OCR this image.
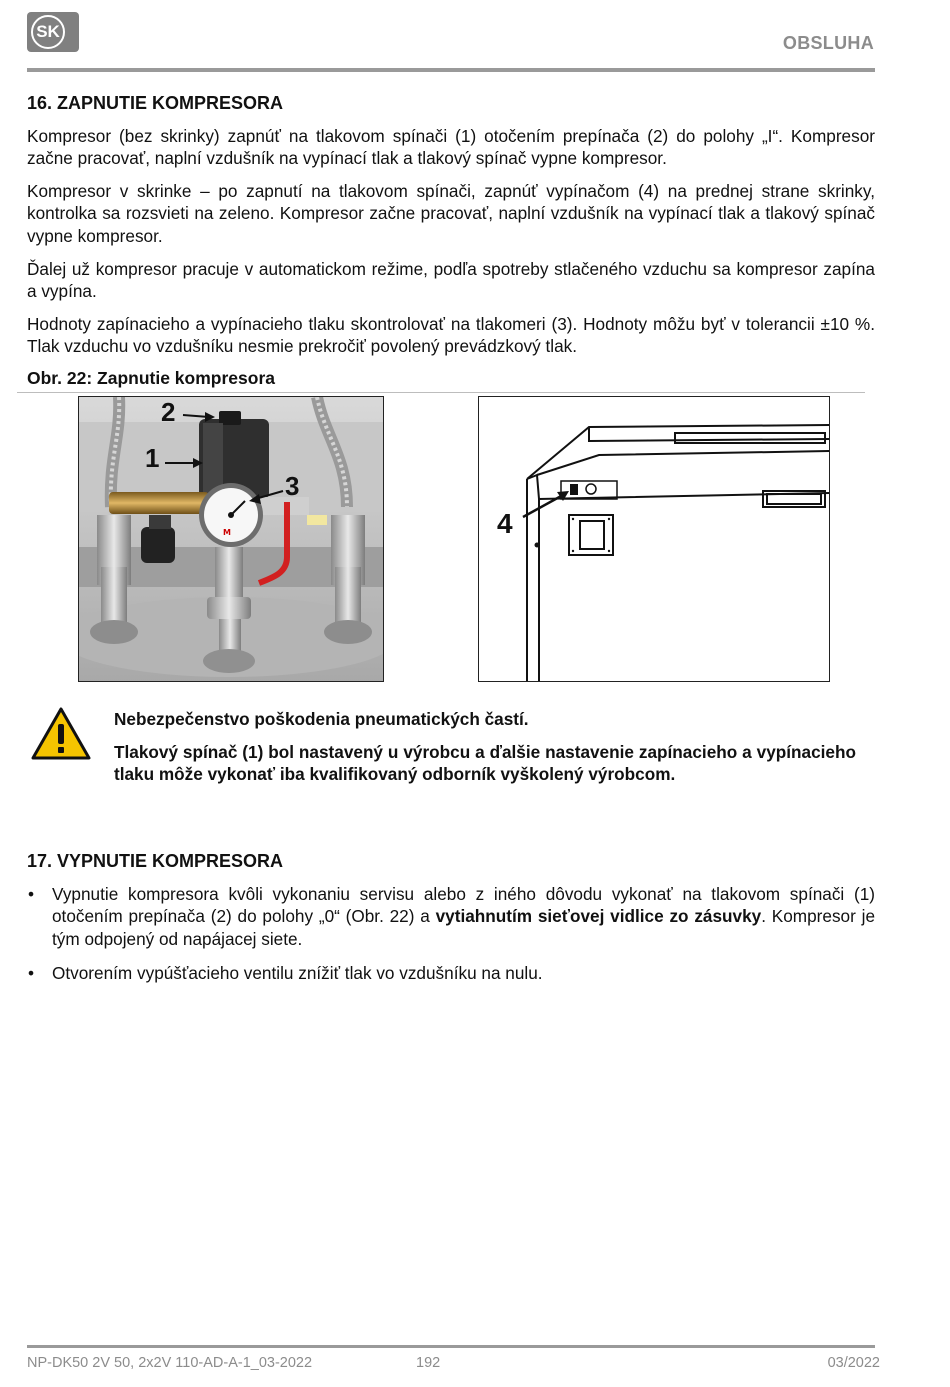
SK
OBSLUHA
16. ZAPNUTIE KOMPRESORA

Kompresor (bez skrinky) zapnúť na tlakovom spínači (1) otočením prepínača (2) do polohy „I“. Kompresor začne pracovať, naplní vzdušník na vypínací tlak a tlakový spínač vypne kompresor.

Kompresor v skrinke – po zapnutí na tlakovom spínači, zapnúť vypínačom (4) na prednej strane skrinky, kontrolka sa rozsvieti na zeleno. Kompresor začne pracovať, naplní vzdušník na vypínací tlak a tlakový spínač vypne kompresor.

Ďalej už kompresor pracuje v automatickom režime, podľa spotreby stlačeného vzduchu sa kompresor zapína a vypína.

Hodnoty zapínacieho a vypínacieho tlaku skontrolovať na tlakomeri (3). Hodnoty môžu byť v tolerancii ±10 %. Tlak vzduchu vo vzdušníku nesmie prekročiť povolený prevádzkový tlak.

Obr. 22: Zapnutie kompresora
M
2
1
3
4

Nebezpečenstvo poškodenia pneumatických častí.

Tlakový spínač (1) bol nastavený u výrobcu a ďalšie nastavenie zapínacieho a vypínacieho tlaku môže vykonať iba kvalifikovaný odborník vyškolený výrobcom.

17. VYPNUTIE KOMPRESORA
• Vypnutie kompresora kvôli vykonaniu servisu alebo z iného dôvodu vykonať na tlakovom spínači (1) otočením prepínača (2) do polohy „0“ (Obr. 22) a vytiahnutím sieťovej vidlice zo zásuvky. Kompresor je tým odpojený od napájacej siete.
• Otvorením vypúšťacieho ventilu znížiť tlak vo vzdušníku na nulu.
NP-DK50 2V 50, 2x2V 110-AD-A-1_03-2022	192	03/2022
